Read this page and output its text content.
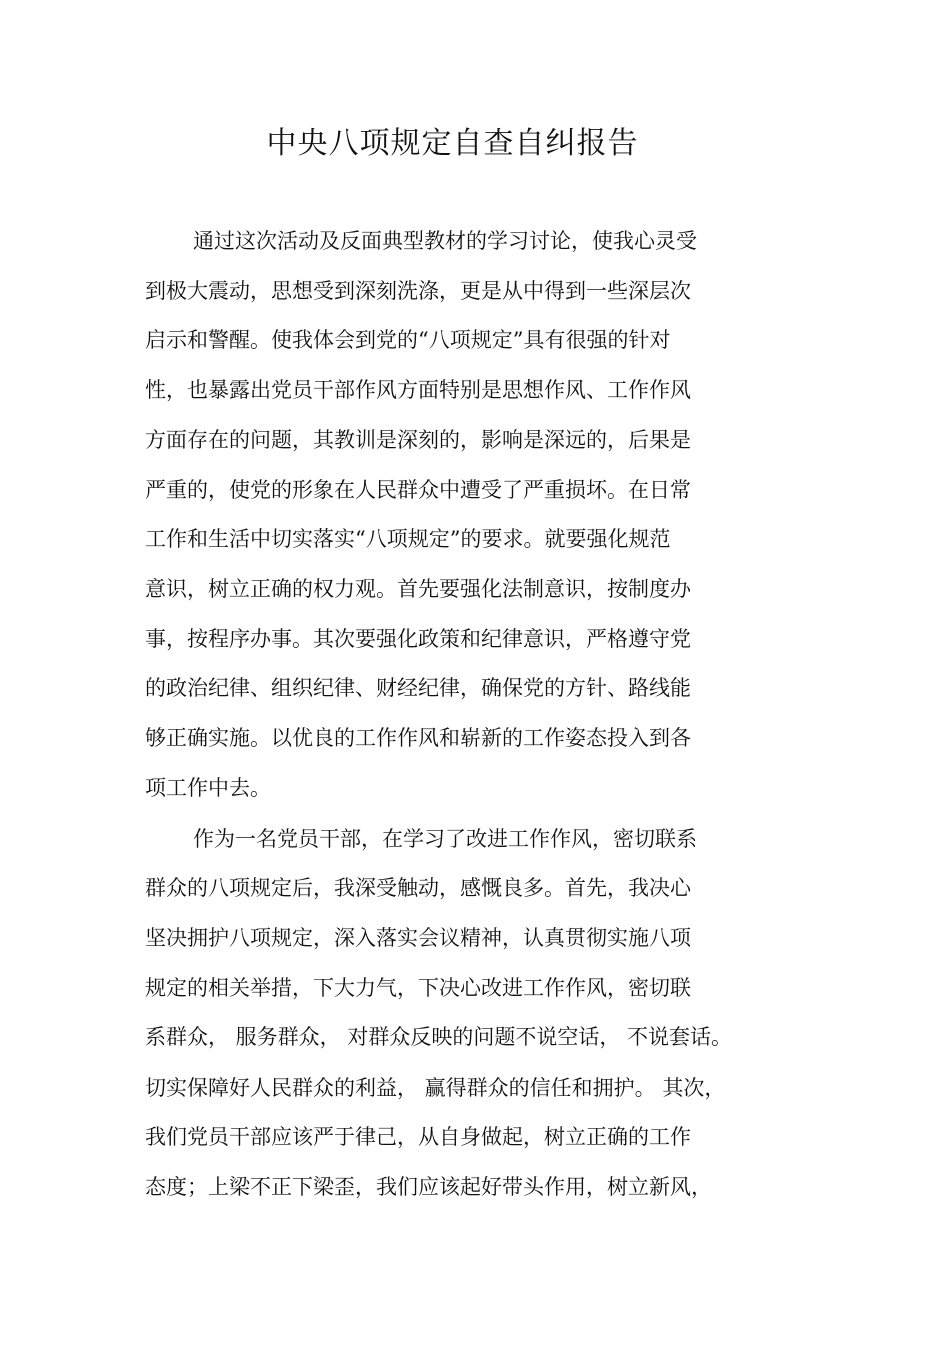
中央八项规定自查自纠报告

通过这次活动及反面典型教材的学习讨论，使我心灵受

到极大震动，思想受到深刻洗涤，更是从中得到一些深层次

启示和警醒。使我体会到党的“八项规定”具有很强的针对

性，也暴露出党员干部作风方面特别是思想作风、工作作风

方面存在的问题，其教训是深刻的，影响是深远的，后果是

严重的，使党的形象在人民群众中遭受了严重损坏。在日常

工作和生活中切实落实“八项规定”的要求。就要强化规范

意识，树立正确的权力观。首先要强化法制意识，按制度办

事，按程序办事。其次要强化政策和纪律意识，严格遵守党

的政治纪律、组织纪律、财经纪律，确保党的方针、路线能

够正确实施。以优良的工作作风和崭新的工作姿态投入到各

项工作中去。

作为一名党员干部，在学习了改进工作作风，密切联系

群众的八项规定后，我深受触动，感慨良多。首先，我决心

坚决拥护八项规定，深入落实会议精神，认真贯彻实施八项

规定的相关举措，下大力气，下决心改进工作作风，密切联

系群众， 服务群众， 对群众反映的问题不说空话， 不说套话。

切实保障好人民群众的利益， 赢得群众的信任和拥护。 其次，

我们党员干部应该严于律己，从自身做起，树立正确的工作

态度；上梁不正下梁歪，我们应该起好带头作用，树立新风，
